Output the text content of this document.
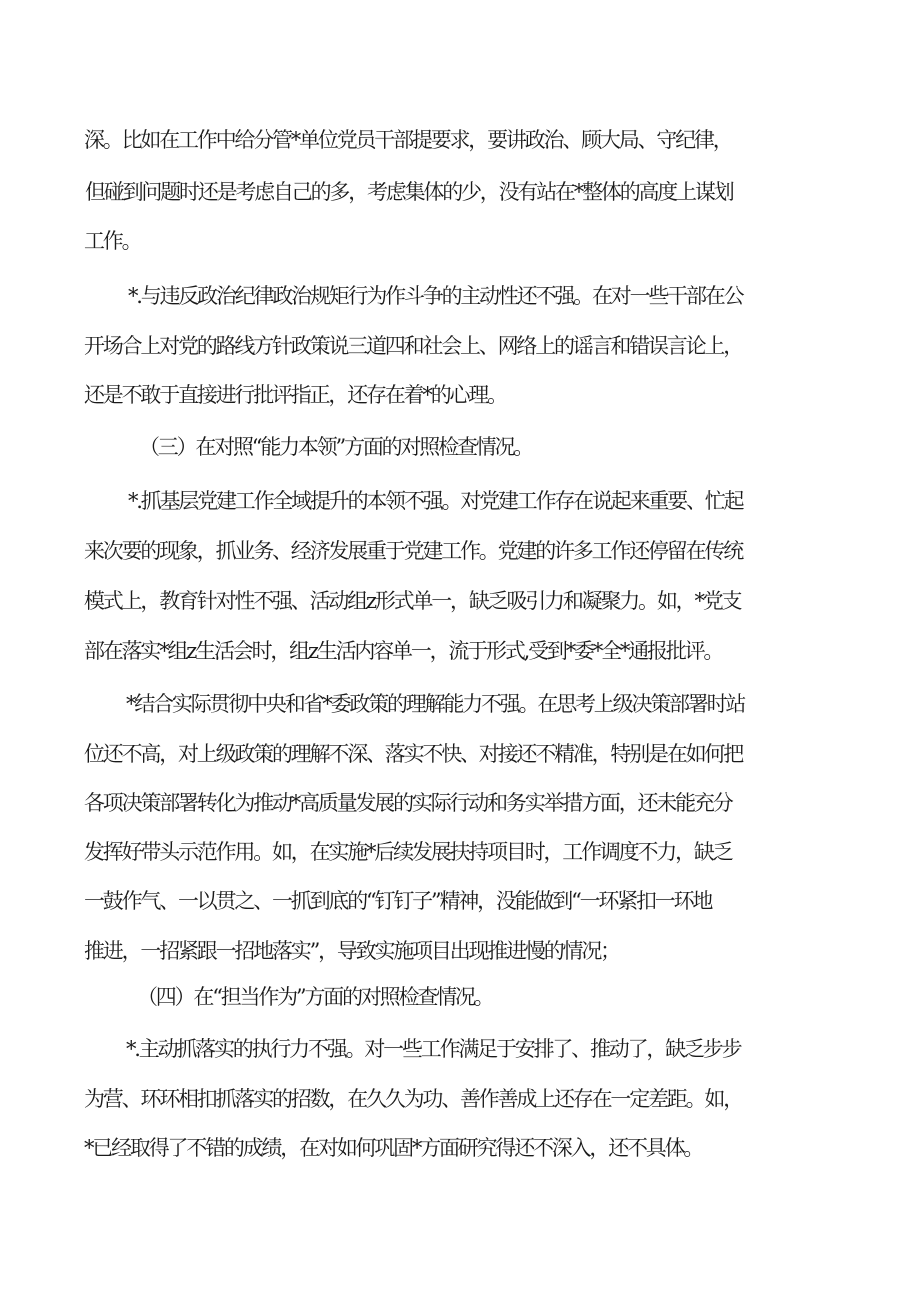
深。比如在工作中给分管*单位党员干部提要求，要讲政治、顾大局、守纪律，
但碰到问题时还是考虑自己的多，考虑集体的少，没有站在*整体的高度上谋划
工作。
*.与违反政治纪律政治规矩行为作斗争的主动性还不强。在对一些干部在公
开场合上对党的路线方针政策说三道四和社会上、网络上的谣言和错误言论上，
还是不敢于直接进行批评指正，还存在着*的心理。
（三）在对照“能力本领”方面的对照检查情况。
*.抓基层党建工作全域提升的本领不强。对党建工作存在说起来重要、忙起
来次要的现象，抓业务、经济发展重于党建工作。党建的许多工作还停留在传统
模式上，教育针对性不强、活动组z形式单一，缺乏吸引力和凝聚力。如，*党支
部在落实*组z生活会时，组z生活内容单一，流于形式,受到*委*全*通报批评。
*结合实际贯彻中央和省*委政策的理解能力不强。在思考上级决策部署时站
位还不高，对上级政策的理解不深、落实不快、对接还不精准，特别是在如何把
各项决策部署转化为推动*高质量发展的实际行动和务实举措方面，还未能充分
发挥好带头示范作用。如，在实施*后续发展扶持项目时，工作调度不力，缺乏
一鼓作气、一以贯之、一抓到底的“钉钉子”精神，没能做到“一环紧扣一环地
推进，一招紧跟一招地落实”，导致实施项目出现推进慢的情况；
（四）在“担当作为”方面的对照检查情况。
*.主动抓落实的执行力不强。对一些工作满足于安排了、推动了，缺乏步步
为营、环环相扣抓落实的招数，在久久为功、善作善成上还存在一定差距。如，
*已经取得了不错的成绩，在对如何巩固*方面研究得还不深入，还不具体。
